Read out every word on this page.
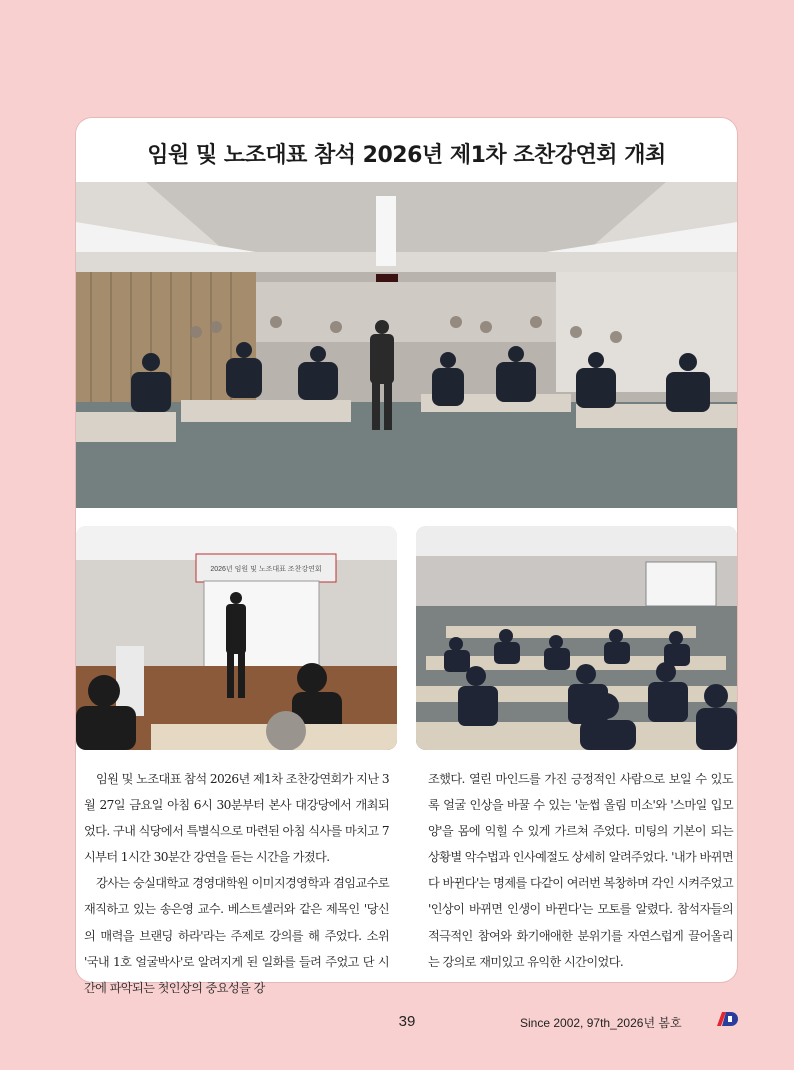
임원 및 노조대표 참석 2026년 제1차 조찬강연회 개최
2026년 임원 및 노조대표 조찬강연회

임원 및 노조대표 참석 2026년 제1차 조찬강연회가 지난 3월 27일 금요일 아침 6시 30분부터 본사 대강당에서 개최되었다. 구내 식당에서 특별식으로 마련된 아침 식사를 마치고 7시부터 1시간 30분간 강연을 듣는 시간을 가졌다.

강사는 숭실대학교 경영대학원 이미지경영학과 겸임교수로 재직하고 있는 송은영 교수. 베스트셀러와 같은 제목인 '당신의 매력을 브랜딩 하라'라는 주제로 강의를 해 주었다. 소위 '국내 1호 얼굴박사'로 알려지게 된 일화를 들려 주었고 단 시간에 파악되는 첫인상의 중요성을 강

조했다. 열린 마인드를 가진 긍정적인 사람으로 보일 수 있도록 얼굴 인상을 바꿀 수 있는 '눈썹 올림 미소'와 '스마일 입모양'을 몸에 익힐 수 있게 가르쳐 주었다. 미팅의 기본이 되는 상황별 악수법과 인사예절도 상세히 알려주었다. '내가 바뀌면 다 바뀐다'는 명제를 다같이 여러번 복창하며 각인 시켜주었고 '인상이 바뀌면 인생이 바뀐다'는 모토를 알렸다. 참석자들의 적극적인 참여와 화기애애한 분위기를 자연스럽게 끌어올리는 강의로 재미있고 유익한 시간이었다.

39	Since 2002, 97th_2026년 봄호
